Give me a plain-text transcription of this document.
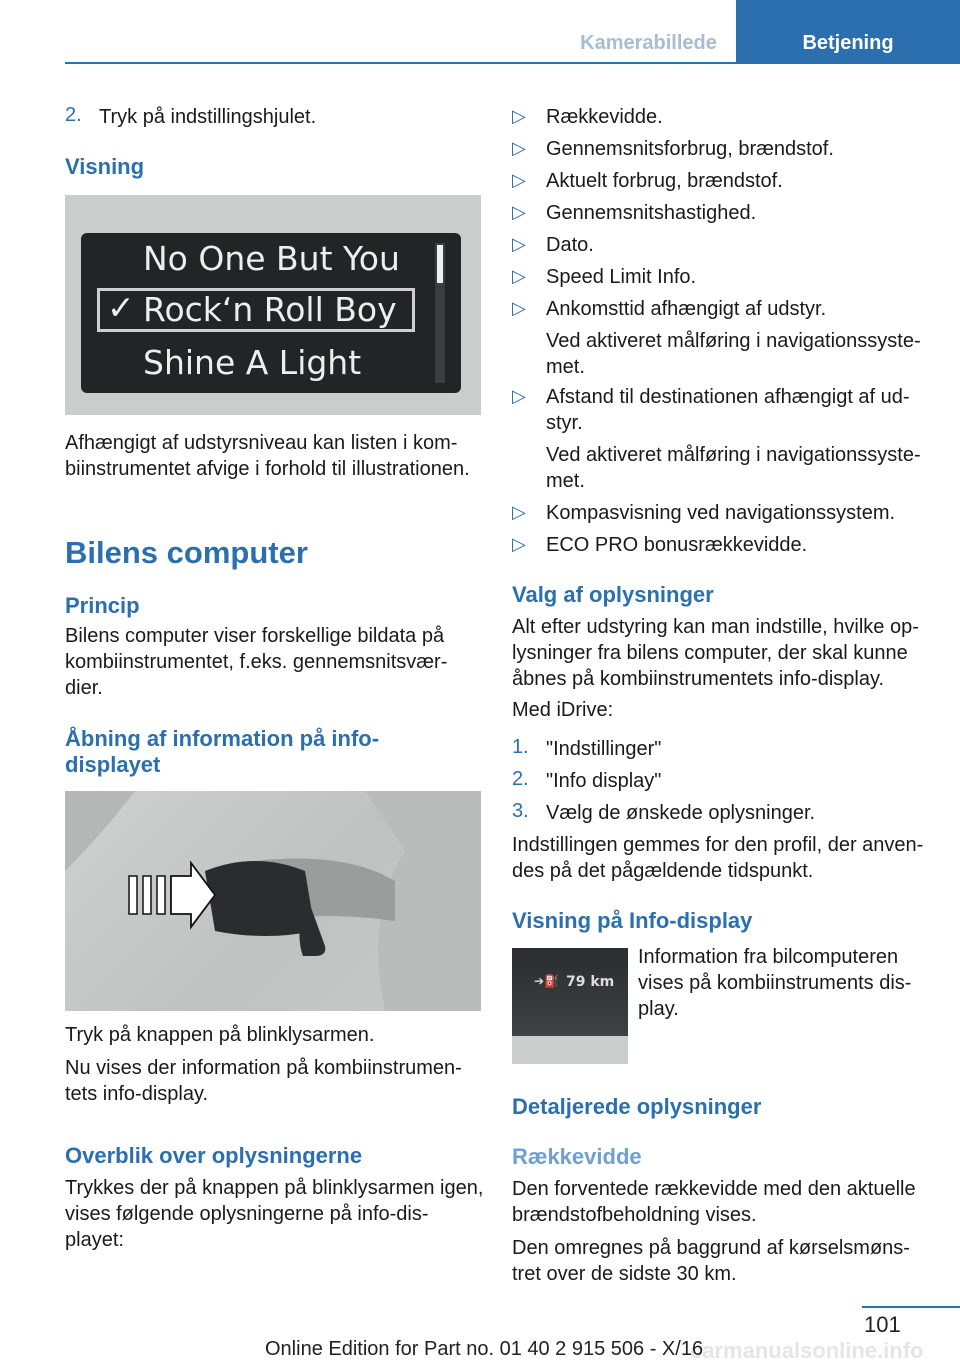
Kamerabillede	Betjening
2. Tryk på indstillingshjulet.
Visning
No One But You
✓ Rock‘n Roll Boy
Shine A Light
Afhængigt af udstyrsniveau kan listen i kom‐
biinstrumentet afvige i forhold til illustrationen.
Bilens computer
Princip
Bilens computer viser forskellige bildata på
kombiinstrumentet, f.eks. gennemsnitsvær‐
dier.
Åbning af information på info‐
displayet
Tryk på knappen på blinklysarmen.
Nu vises der information på kombiinstrumen‐
tets info-display.
Overblik over oplysningerne
Trykkes der på knappen på blinklysarmen igen,
vises følgende oplysningerne på info-dis‐
playet:
▷ Rækkevidde.
▷ Gennemsnitsforbrug, brændstof.
▷ Aktuelt forbrug, brændstof.
▷ Gennemsnitshastighed.
▷ Dato.
▷ Speed Limit Info.
▷ Ankomsttid afhængigt af udstyr.
Ved aktiveret målføring i navigationssyste‐
met.
▷ Afstand til destinationen afhængigt af ud‐
styr.
Ved aktiveret målføring i navigationssyste‐
met.
▷ Kompasvisning ved navigationssystem.
▷ ECO PRO bonusrækkevidde.
Valg af oplysninger
Alt efter udstyring kan man indstille, hvilke op‐
lysninger fra bilens computer, der skal kunne
åbnes på kombiinstrumentets info-display.
Med iDrive:
1. "Indstillinger"
2. "Info display"
3. Vælg de ønskede oplysninger.
Indstillingen gemmes for den profil, der anven‐
des på det pågældende tidspunkt.
Visning på Info-display
➔⛽ 79 km
Information fra bilcomputeren
vises på kombiinstruments dis‐
play.
Detaljerede oplysninger
Rækkevidde
Den forventede rækkevidde med den aktuelle
brændstofbeholdning vises.
Den omregnes på baggrund af kørselsmøns‐
tret over de sidste 30 km.
101
carmanualsonline.info
Online Edition for Part no. 01 40 2 915 506 - X/16
